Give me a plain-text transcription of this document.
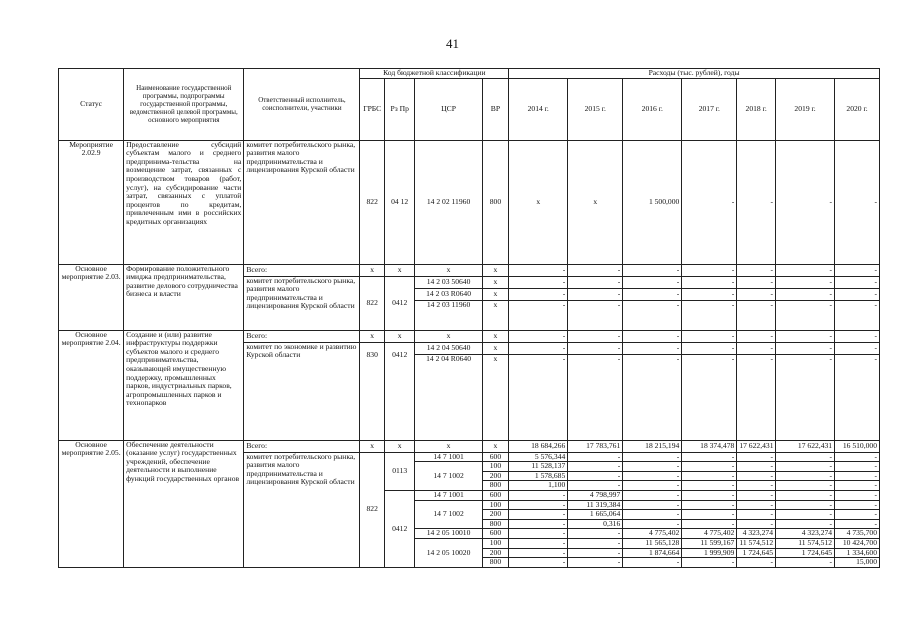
41
Статус	Наименование государственной программы, подпрограммы государственной программы, ведомственной целевой программы, основного мероприятия	Ответственный исполнитель, соисполнители, участники	Код бюджетной классификации				Расходы (тыс. рублей), годы						
			ГРБС	Рз Пр	ЦСР	ВР	2014 г.	2015 г.	2016 г.	2017 г.	2018 г.	2019 г.	2020 г.
Мероприятие 2.02.9	Предоставление субсидий субъектам малого и среднего предпринима-тельства на возмещение затрат, связанных с производством товаров (работ, услуг), на субсидирование части затрат, связанных с уплатой процентов по кредитам, привлеченным ими в российских кредитных организациях	комитет потребительского рынка, развития малого предпринимательства и лицензирования Курской области	822	04 12	14 2 02 11960	800	х	х	1 500,000	-	-	-	-
Основное мероприятие 2.03.	Формирование положительного имиджа предпринимательства, развитие делового сотрудничества бизнеса и власти	Всего:	х	х	х	х	-	-	-	-	-	-	-
		комитет потребительского рынка, развития малого предпринимательства и лицензирования Курской области	822	0412	14 2 03 50640	х	-	-	-	-	-	-	-
					14 2 03 R0640	х	-	-	-	-	-	-	-
					14 2 03 11960	х	-	-	-	-	-	-	-
Основное мероприятие 2.04.	Создание и (или) развитие инфраструктуры поддержки субъектов малого и среднего предпринимательства, оказывающей имущественную поддержку, промышленных парков, индустриальных парков, агропромышленных парков и технопарков	Всего:	х	х	х	х	-	-	-	-	-	-	-
		комитет по экономике и развитию Курской области	830	0412	14 2 04 50640	х	-	-	-	-	-	-	-
					14 2 04 R0640	х	-	-	-	-	-	-	-
Основное мероприятие 2.05.	Обеспечение деятельности (оказание услуг) государственных учреждений, обеспечение деятельности и выполнение функций государственных органов	Всего:	х	х	х	х	18 684,266	17 783,761	18 215,194	18 374,478	17 622,431	17 622,431	16 510,000
		комитет потребительского рынка, развития малого предпринимательства и лицензирования Курской области	822	0113	14 7 1001	600	5 576,344	-	-	-	-	-	-
					14 7 1002	100	11 528,137	-	-	-	-	-	-
						200	1 578,685	-	-	-	-	-	-
						800	1,100	-	-	-	-	-	-
				0412	14 7 1001	600	-	4 798,997	-	-	-	-	-
					14 7 1002	100	-	11 319,384	-	-	-	-	-
						200	-	1 665,064	-	-	-	-	-
						800	-	0,316	-	-	-	-	-
					14 2 05 10010	600	-	-	4 775,402	4 775,402	4 323,274	4 323,274	4 735,700
					14 2 05 10020	100	-	-	11 565,128	11 599,167	11 574,512	11 574,512	10 424,700
						200	-	-	1 874,664	1 999,909	1 724,645	1 724,645	1 334,600
						800	-	-	-	-	-	-	15,000
